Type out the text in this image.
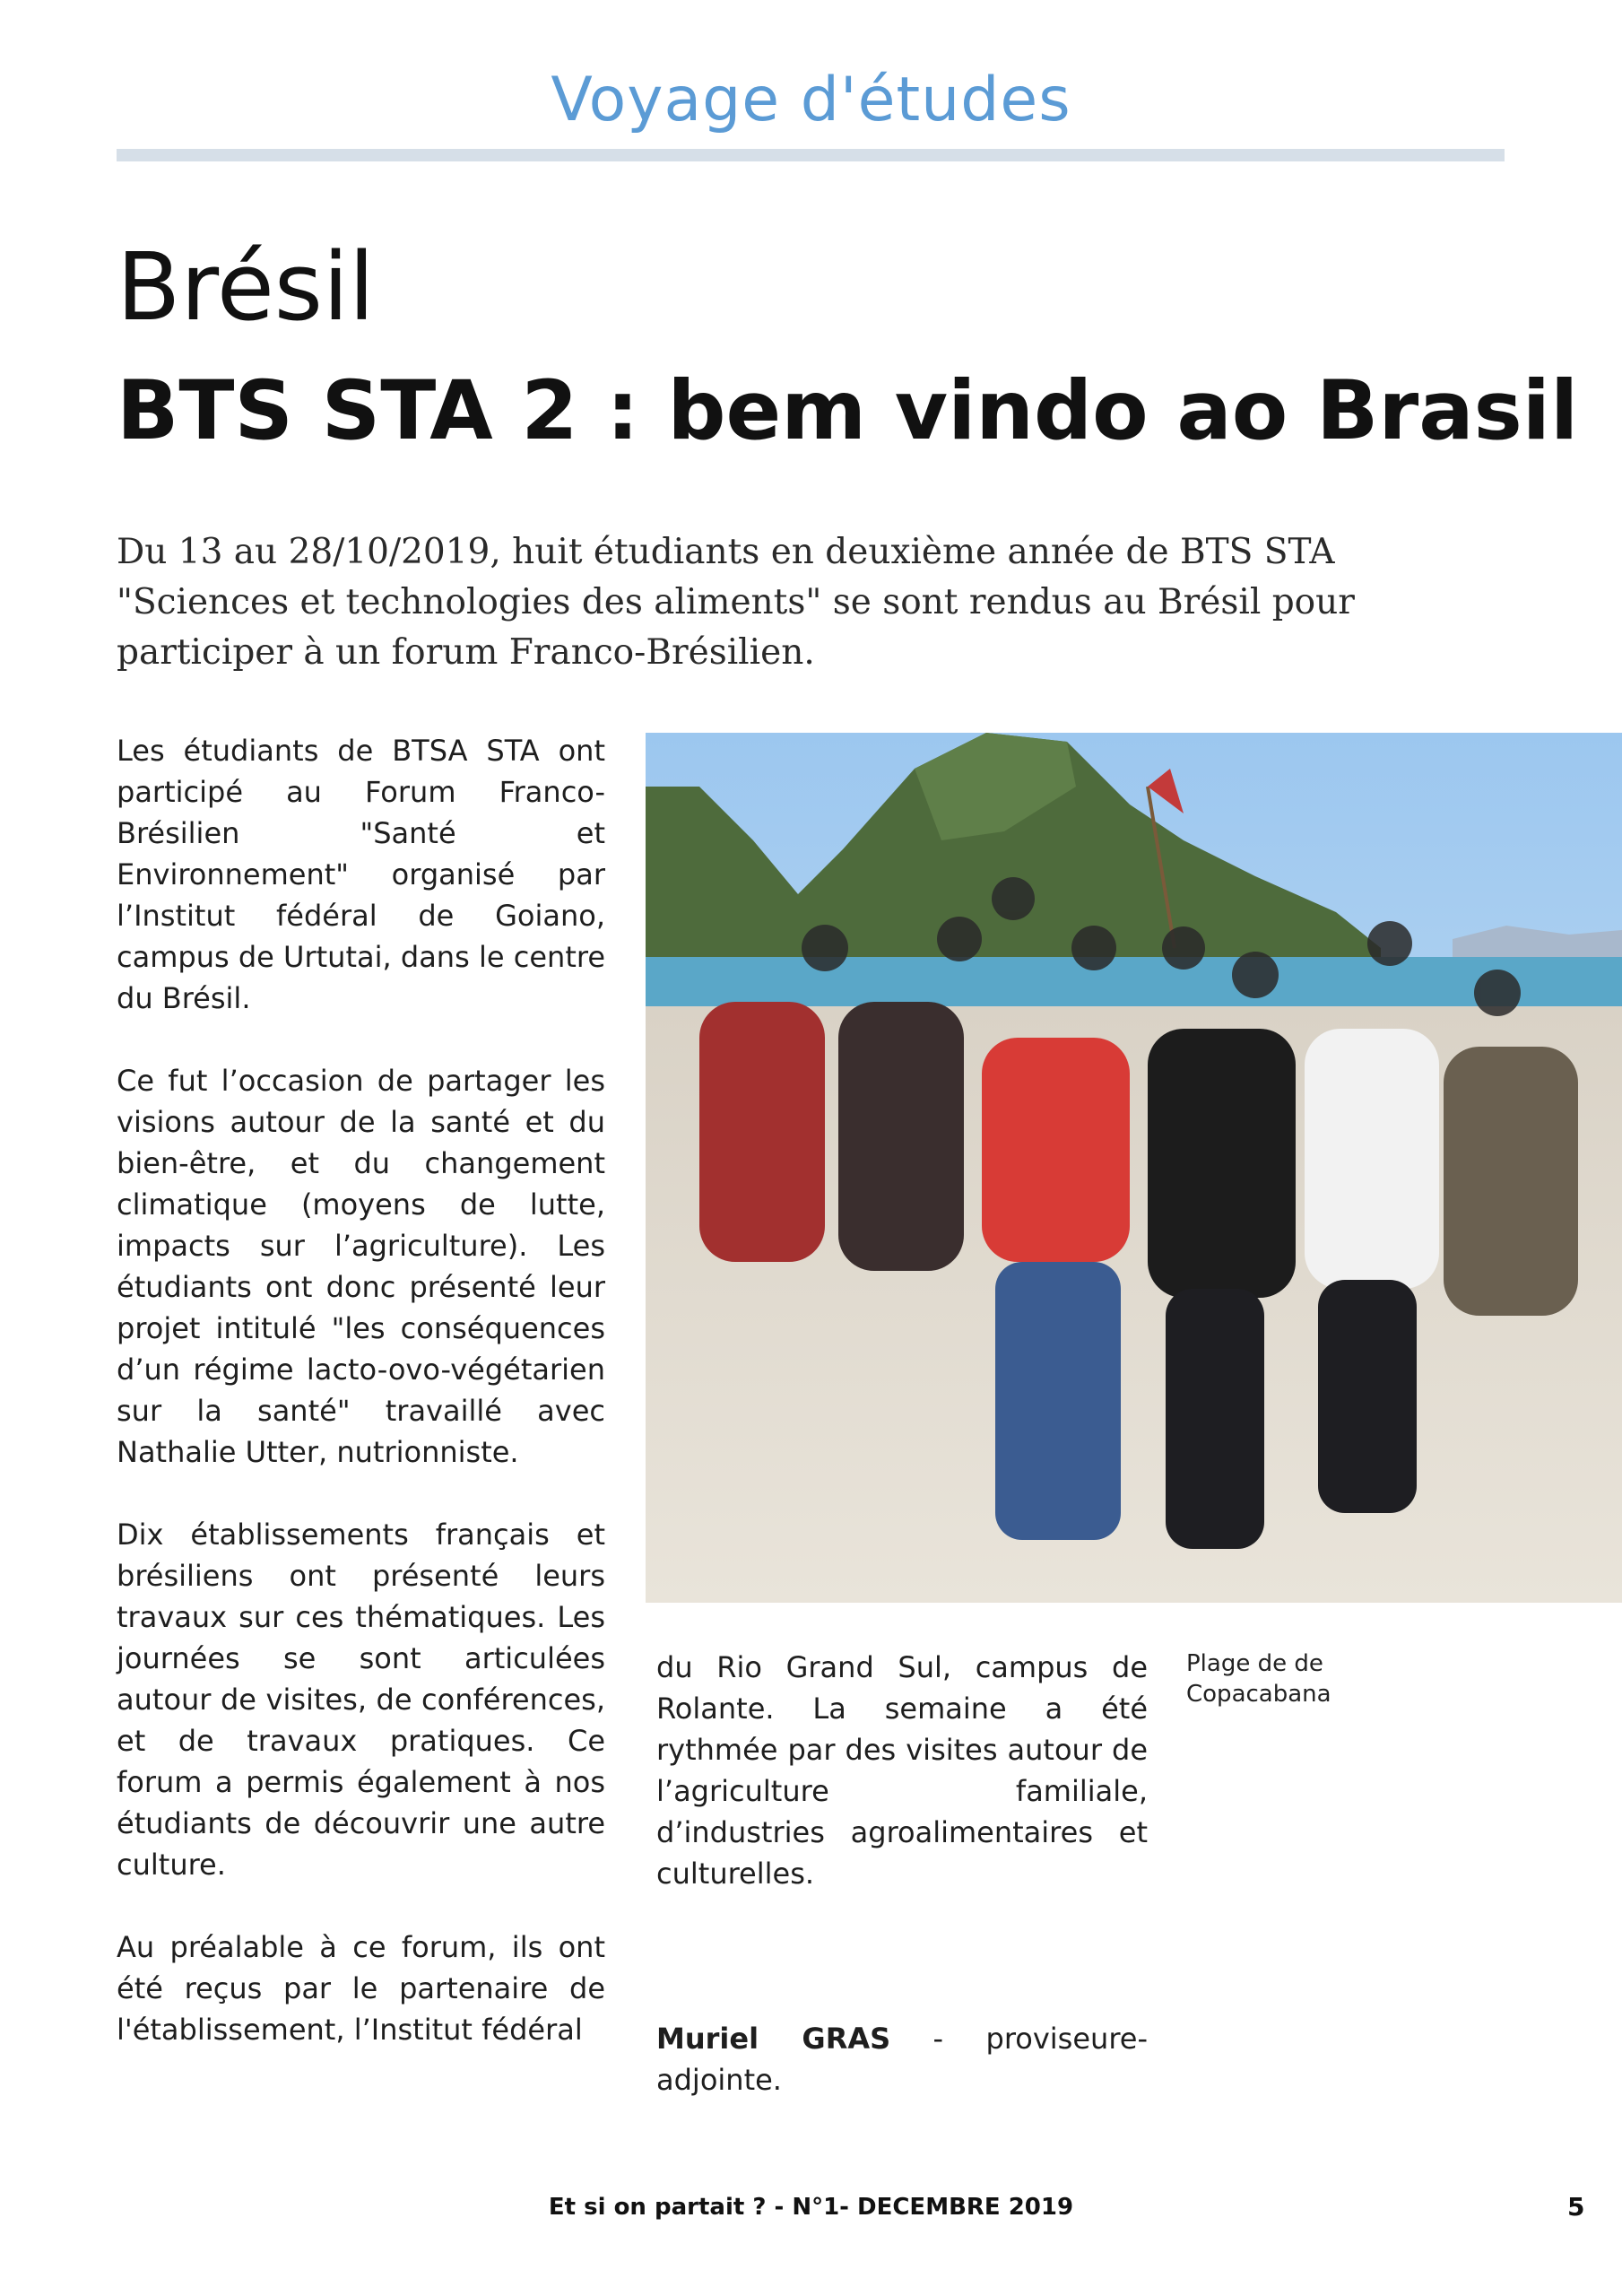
Voyage d'études
Brésil
BTS STA 2 : bem vindo ao Brasil

Du 13 au 28/10/2019, huit étudiants en deuxième année de BTS STA

"Sciences et technologies des aliments" se sont rendus au Brésil pour

participer à un forum Franco-Brésilien.

Les étudiants de BTSA STA ont participé au Forum Franco-Brésilien "Santé et Environnement" organisé par l’Institut fédéral de Goiano, campus de Urtutai, dans le centre du Brésil.

Ce fut l’occasion de partager les visions autour de la santé et du bien-être, et du changement climatique (moyens de lutte, impacts sur l’agriculture). Les étudiants ont donc présenté leur projet intitulé "les conséquences d’un régime lacto-ovo-végétarien sur la santé" travaillé avec Nathalie Utter, nutrionniste.

Dix établissements français et brésiliens ont présenté leurs travaux sur ces thématiques. Les journées se sont articulées autour de visites, de conférences, et de travaux pratiques. Ce forum a permis également à nos étudiants de découvrir une autre culture.

Au préalable à ce forum, ils ont été reçus par le partenaire de l'établissement, l’Institut fédéral

du Rio Grand Sul, campus de Rolante. La semaine a été rythmée par des visites autour de l’agriculture familiale, d’industries agroalimentaires et culturelles.

Plage de de
Copacabana
Muriel GRAS - proviseure-adjointe.
Et si on partait ? - N°1- DECEMBRE 2019	5
